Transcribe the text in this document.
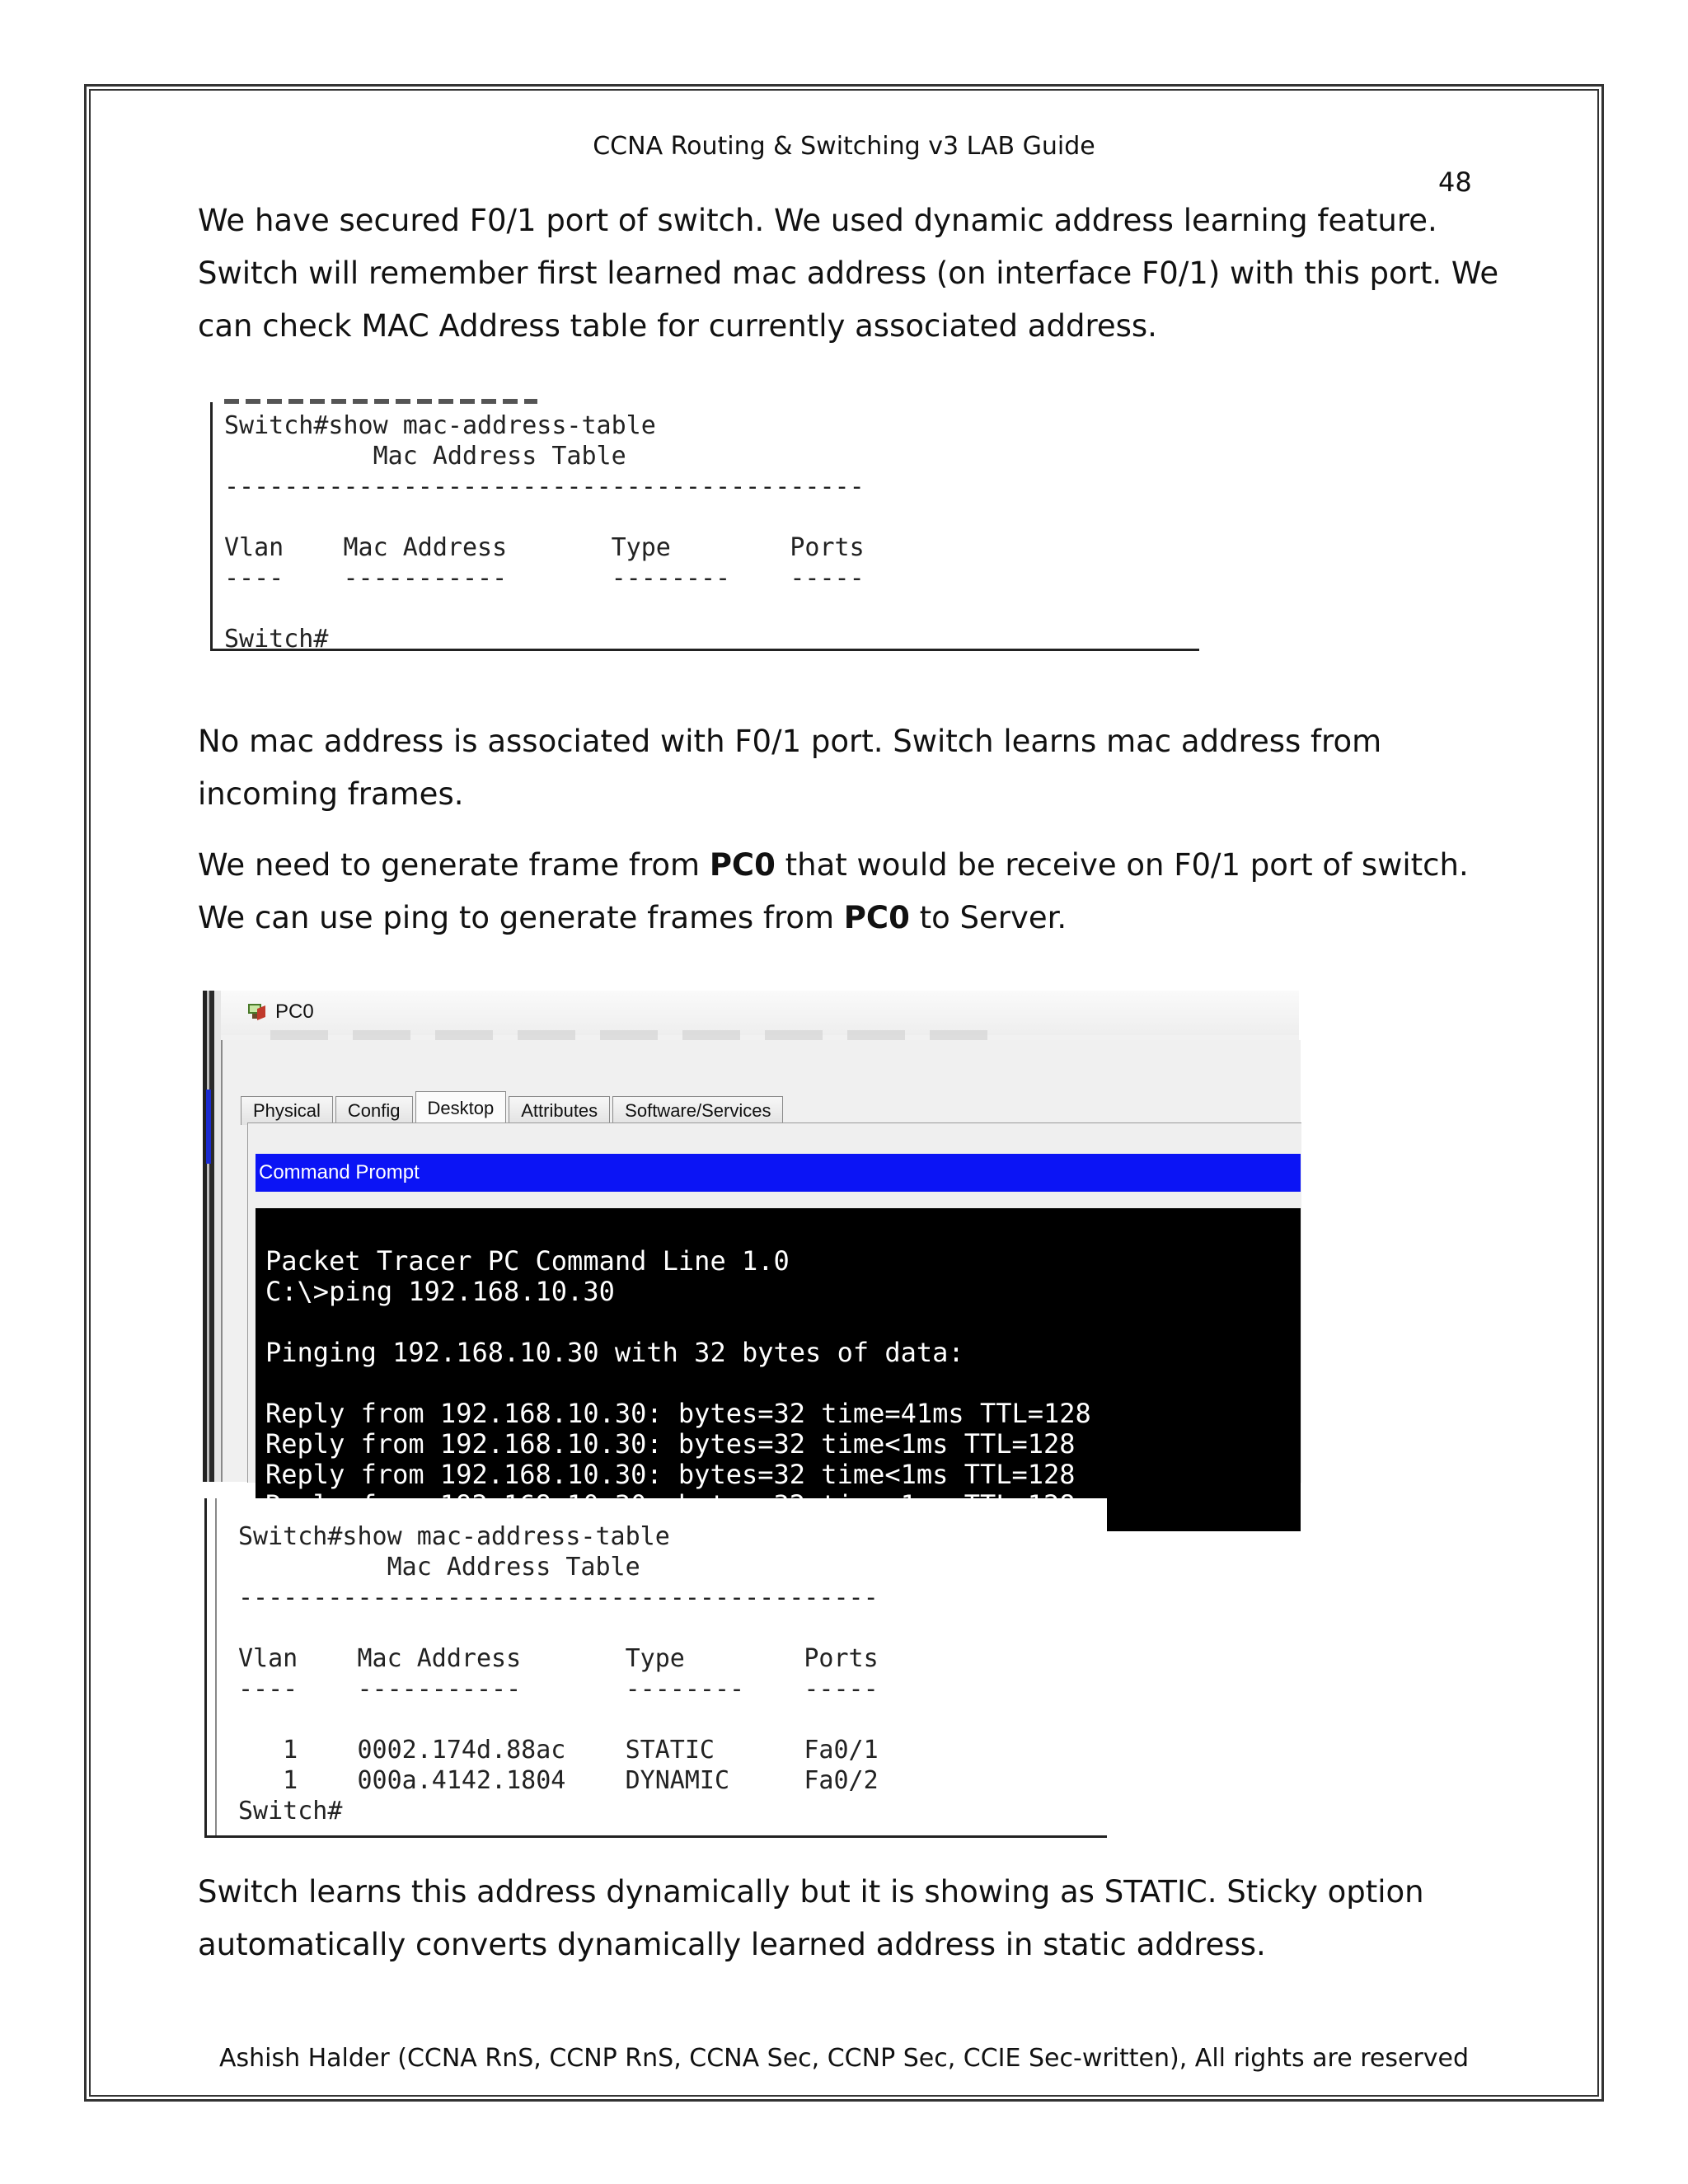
CCNA Routing & Switching v3 LAB Guide
48

We have secured F0/1 port of switch. We used dynamic address learning feature. Switch will remember first learned mac address (on interface F0/1) with this port. We can check MAC Address table for currently associated address.

Switch#show mac-address-table
Mac Address Table
-------------------------------------------

Vlan    Mac Address       Type        Ports
----    -----------       --------    -----

Switch#

No mac address is associated with F0/1 port. Switch learns mac address from incoming frames.

We need to generate frame from PC0 that would be receive on F0/1 port of switch. We can use ping to generate frames from PC0 to Server.

PC0
Physical	Config	Desktop	Attributes	Software/Services
Command Prompt
Packet Tracer PC Command Line 1.0
C:\>ping 192.168.10.30

Pinging 192.168.10.30 with 32 bytes of data:

Reply from 192.168.10.30: bytes=32 time=41ms TTL=128
Reply from 192.168.10.30: bytes=32 time<1ms TTL=128
Reply from 192.168.10.30: bytes=32 time<1ms TTL=128

Switch#show mac-address-table
Mac Address Table
-------------------------------------------

Vlan    Mac Address       Type        Ports
----    -----------       --------    -----

1    0002.174d.88ac    STATIC      Fa0/1
1    000a.4142.1804    DYNAMIC     Fa0/2
Switch#

Switch learns this address dynamically but it is showing as STATIC. Sticky option automatically converts dynamically learned address in static address.

Ashish Halder (CCNA RnS, CCNP RnS, CCNA Sec, CCNP Sec, CCIE Sec-written), All rights are reserved
